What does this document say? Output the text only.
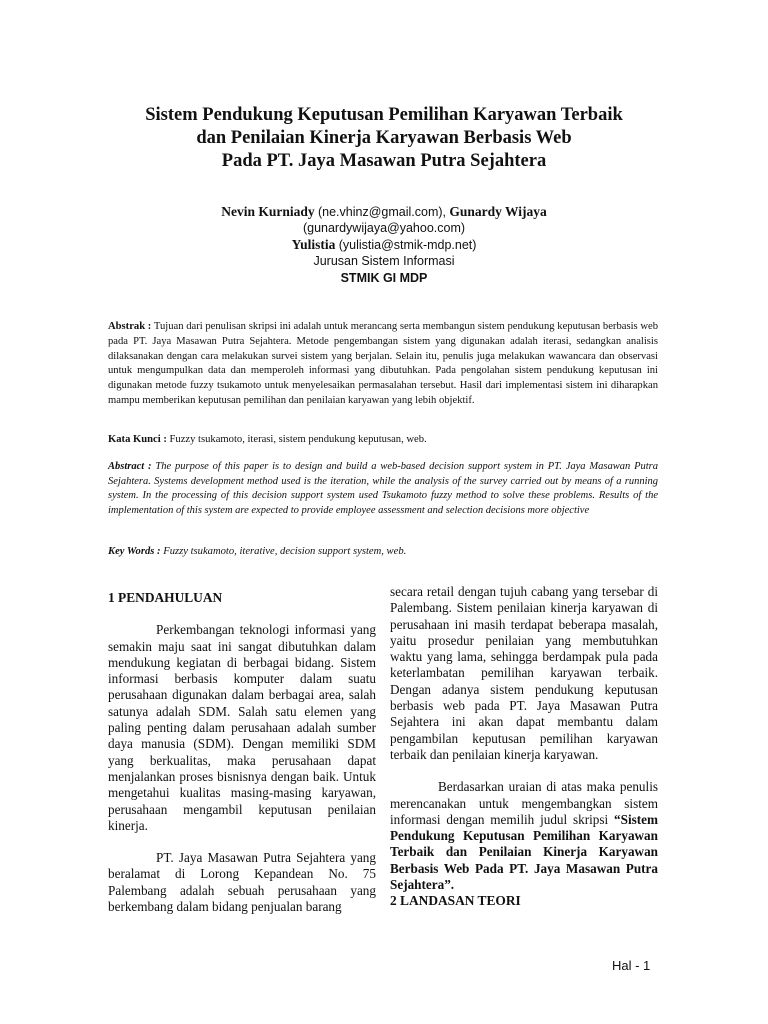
Sistem Pendukung Keputusan Pemilihan Karyawan Terbaik
dan Penilaian Kinerja Karyawan Berbasis Web
Pada PT. Jaya Masawan Putra Sejahtera
Nevin Kurniady (ne.vhinz@gmail.com), Gunardy Wijaya
(gunardywijaya@yahoo.com)
Yulistia (yulistia@stmik-mdp.net)
Jurusan Sistem Informasi
STMIK GI MDP
Abstrak : Tujuan dari penulisan skripsi ini adalah untuk merancang serta membangun sistem pendukung keputusan berbasis web pada PT. Jaya Masawan Putra Sejahtera. Metode pengembangan sistem yang digunakan adalah iterasi, sedangkan analisis dilaksanakan dengan cara melakukan survei sistem yang berjalan. Selain itu, penulis juga melakukan wawancara dan observasi untuk mengumpulkan data dan memperoleh informasi yang dibutuhkan. Pada pengolahan sistem pendukung keputusan ini digunakan metode fuzzy tsukamoto untuk menyelesaikan permasalahan tersebut. Hasil dari implementasi sistem ini diharapkan mampu memberikan keputusan pemilihan dan penilaian karyawan yang lebih objektif.
Kata Kunci : Fuzzy tsukamoto, iterasi, sistem pendukung keputusan, web.
Abstract : The purpose of this paper is to design and build a web-based decision support system in PT. Jaya Masawan Putra Sejahtera. Systems development method used is the iteration, while the analysis of the survey carried out by means of a running system. In the processing of this decision support system used Tsukamoto fuzzy method to solve these problems. Results of the implementation of this system are expected to provide employee assessment and selection decisions more objective
Key Words : Fuzzy tsukamoto, iterative, decision support system, web.

1 PENDAHULUAN

Perkembangan teknologi informasi yang semakin maju saat ini sangat dibutuhkan dalam mendukung kegiatan di berbagai bidang. Sistem informasi berbasis komputer dalam suatu perusahaan digunakan dalam berbagai area, salah satunya adalah SDM. Salah satu elemen yang paling penting dalam perusahaan adalah sumber daya manusia (SDM). Dengan memiliki SDM yang berkualitas, maka perusahaan dapat menjalankan proses bisnisnya dengan baik. Untuk mengetahui kualitas masing-masing karyawan, perusahaan mengambil keputusan penilaian kinerja.

PT. Jaya Masawan Putra Sejahtera yang beralamat di Lorong Kepandean No. 75 Palembang adalah sebuah perusahaan yang berkembang dalam bidang penjualan barang

secara retail dengan tujuh cabang yang tersebar di Palembang. Sistem penilaian kinerja karyawan di perusahaan ini masih terdapat beberapa masalah, yaitu prosedur penilaian yang membutuhkan waktu yang lama, sehingga berdampak pula pada keterlambatan pemilihan karyawan terbaik. Dengan adanya sistem pendukung keputusan berbasis web pada PT. Jaya Masawan Putra Sejahtera ini akan dapat membantu dalam pengambilan keputusan pemilihan karyawan terbaik dan penilaian kinerja karyawan.

Berdasarkan uraian di atas maka penulis merencanakan untuk mengembangkan sistem informasi dengan memilih judul skripsi “Sistem Pendukung Keputusan Pemilihan Karyawan Terbaik dan Penilaian Kinerja Karyawan Berbasis Web Pada PT. Jaya Masawan Putra Sejahtera”.

2 LANDASAN TEORI

Hal - 1
